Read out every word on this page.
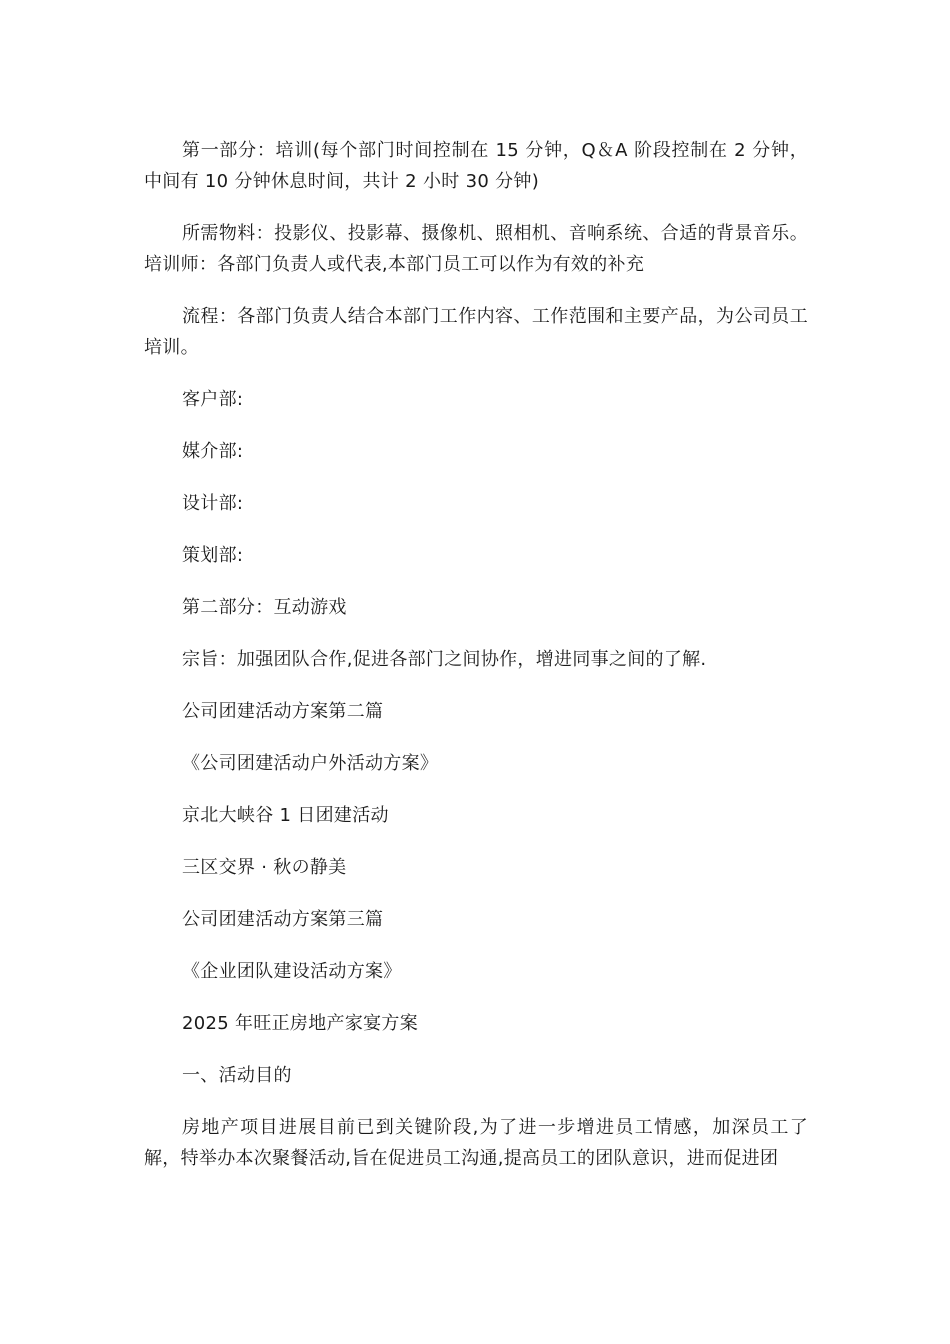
第一部分：培训(每个部门时间控制在 15 分钟，Q＆A 阶段控制在 2 分钟，中间有 10 分钟休息时间，共计 2 小时 30 分钟)

所需物料：投影仪、投影幕、摄像机、照相机、音响系统、合适的背景音乐。 培训师：各部门负责人或代表,本部门员工可以作为有效的补充

流程：各部门负责人结合本部门工作内容、工作范围和主要产品，为公司员工培训。

客户部:

媒介部:

设计部:

策划部:

第二部分：互动游戏

宗旨：加强团队合作,促进各部门之间协作，增进同事之间的了解.

公司团建活动方案第二篇

《公司团建活动户外活动方案》

京北大峡谷 1 日团建活动

三区交界 · 秋の静美

公司团建活动方案第三篇

《企业团队建设活动方案》

2025 年旺正房地产家宴方案

一、活动目的

房地产项目进展目前已到关键阶段,为了进一步增进员工情感，加深员工了解，特举办本次聚餐活动,旨在促进员工沟通,提高员工的团队意识，进而促进团
